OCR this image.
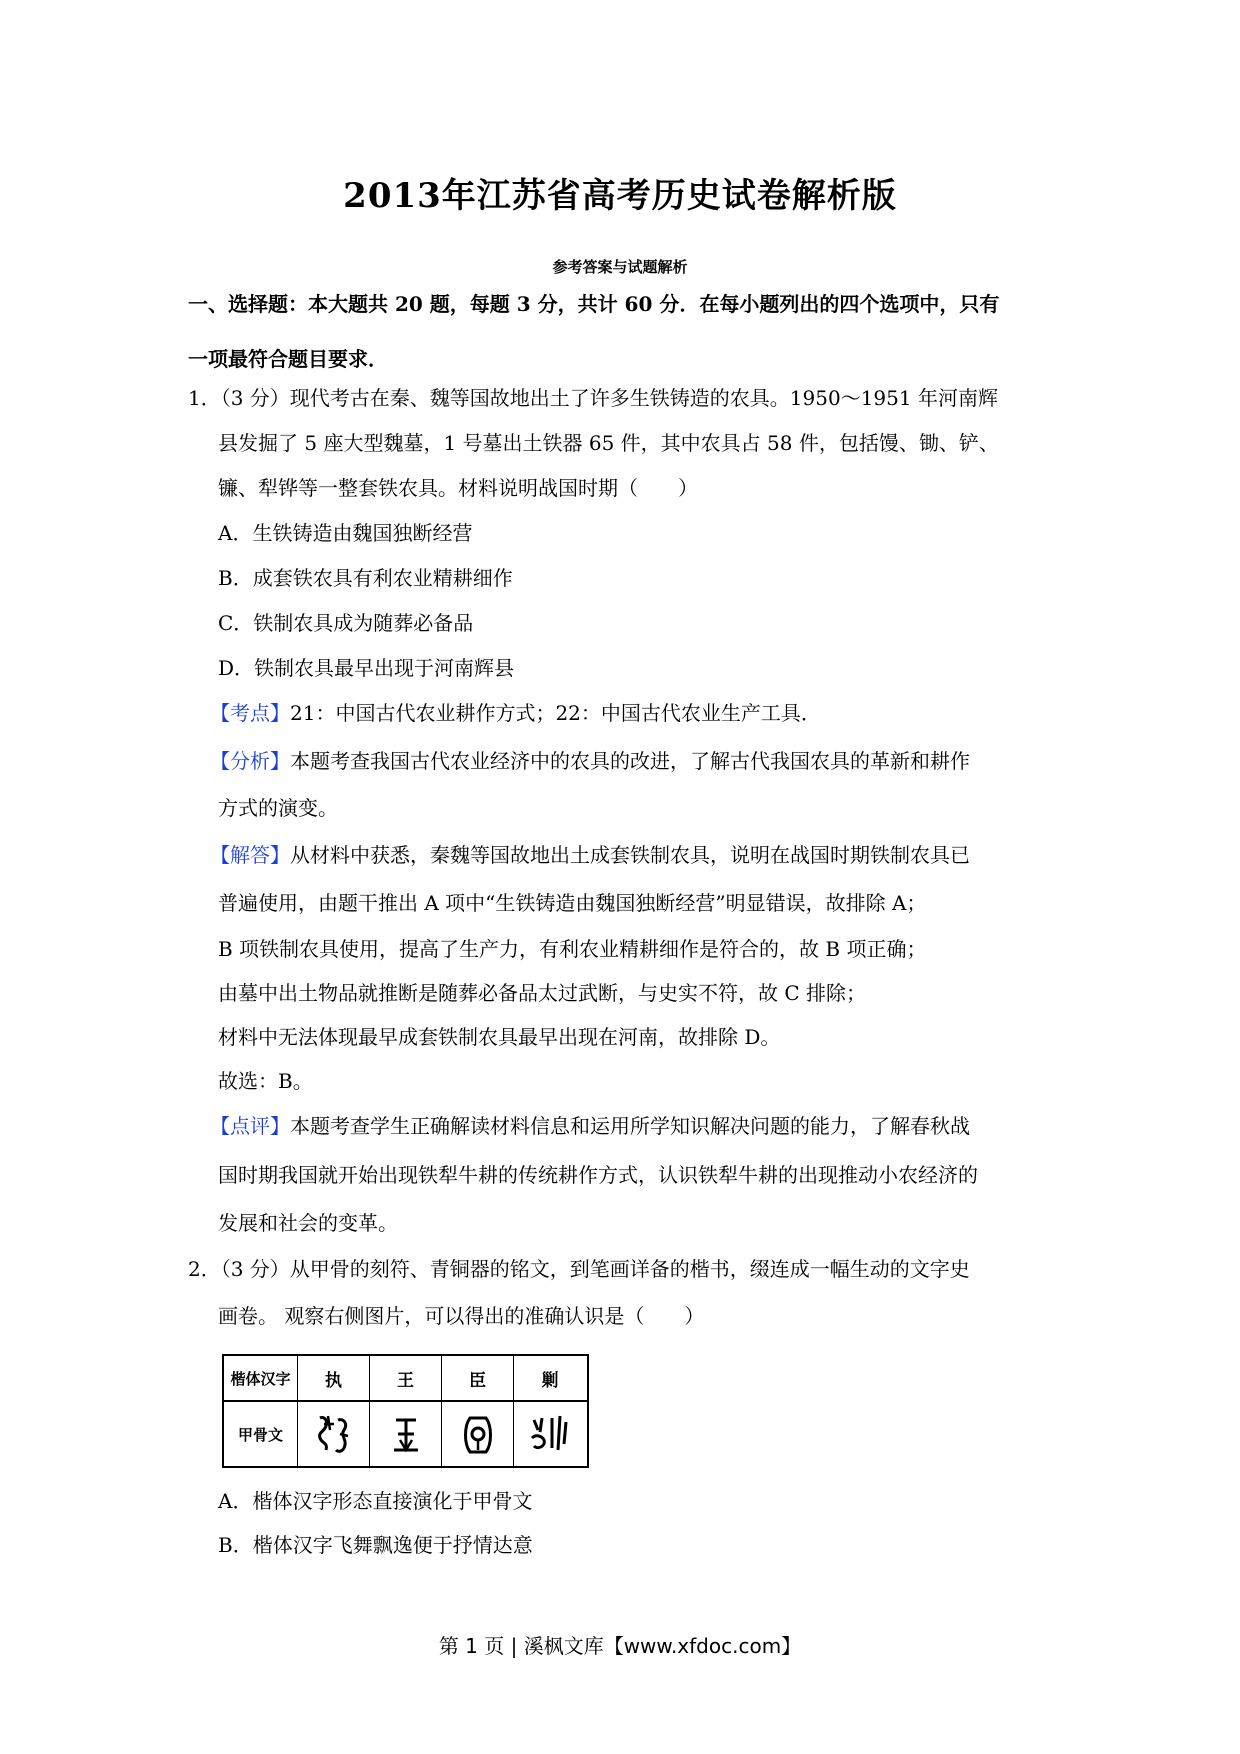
2013年江苏省高考历史试卷解析版
参考答案与试题解析
一、选择题：本大题共 20 题，每题 3 分，共计 60 分．在每小题列出的四个选项中，只有
一项最符合题目要求．
1．（3 分）现代考古在秦、魏等国故地出土了许多生铁铸造的农具。1950～1951 年河南辉
县发掘了 5 座大型魏墓，1 号墓出土铁器 65 件，其中农具占 58 件，包括馒、锄、铲、
镰、犁铧等一整套铁农具。材料说明战国时期（　　）
A．生铁铸造由魏国独断经营
B．成套铁农具有利农业精耕细作
C．铁制农具成为随葬必备品
D．铁制农具最早出现于河南辉县
【考点】21：中国古代农业耕作方式；22：中国古代农业生产工具．
【分析】本题考查我国古代农业经济中的农具的改进，了解古代我国农具的革新和耕作
方式的演变。
【解答】从材料中获悉，秦魏等国故地出土成套铁制农具，说明在战国时期铁制农具已
普遍使用，由题干推出 A 项中“生铁铸造由魏国独断经营”明显错误，故排除 A；
B 项铁制农具使用，提高了生产力，有利农业精耕细作是符合的，故 B 项正确；
由墓中出土物品就推断是随葬必备品太过武断，与史实不符，故 C 排除；
材料中无法体现最早成套铁制农具最早出现在河南，故排除 D。
故选：B。
【点评】本题考查学生正确解读材料信息和运用所学知识解决问题的能力，了解春秋战
国时期我国就开始出现铁犁牛耕的传统耕作方式，认识铁犁牛耕的出现推动小农经济的
发展和社会的变革。
2．（3 分）从甲骨的刻符、青铜器的铭文，到笔画详备的楷书，缀连成一幅生动的文字史
画卷。 观察右侧图片，可以得出的准确认识是（　　）
楷体汉字	执	王	臣	剿
甲骨文
A．楷体汉字形态直接演化于甲骨文
B．楷体汉字飞舞飘逸便于抒情达意
第 1 页 | 溪枫文库【www.xfdoc.com】
